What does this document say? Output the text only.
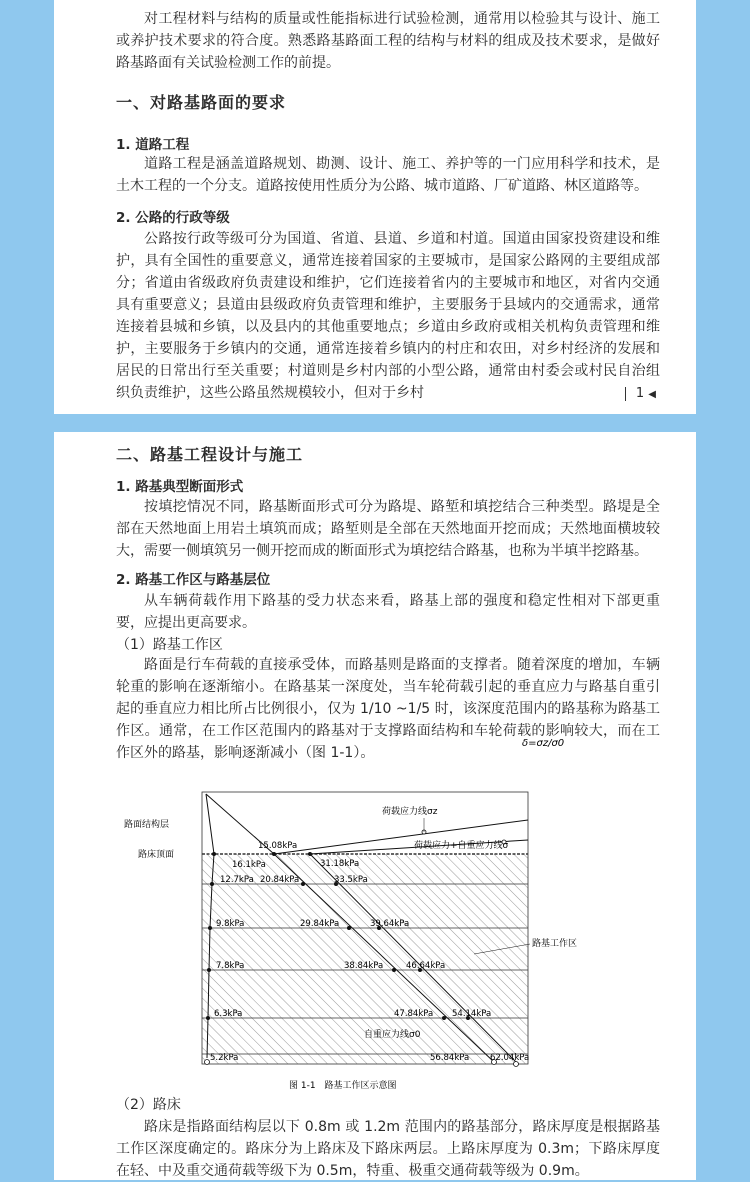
对工程材料与结构的质量或性能指标进行试验检测，通常用以检验其与设计、施工或养护技术要求的符合度。熟悉路基路面工程的结构与材料的组成及技术要求，是做好路基路面有关试验检测工作的前提。
一、对路基路面的要求
1. 道路工程
道路工程是涵盖道路规划、勘测、设计、施工、养护等的一门应用科学和技术，是土木工程的一个分支。道路按使用性质分为公路、城市道路、厂矿道路、林区道路等。
2. 公路的行政等级
公路按行政等级可分为国道、省道、县道、乡道和村道。国道由国家投资建设和维护，具有全国性的重要意义，通常连接着国家的主要城市，是国家公路网的主要组成部分；省道由省级政府负责建设和维护，它们连接着省内的主要城市和地区，对省内交通具有重要意义；县道由县级政府负责管理和维护，主要服务于县域内的交通需求，通常连接着县城和乡镇，以及县内的其他重要地点；乡道由乡政府或相关机构负责管理和维护，主要服务于乡镇内的交通，通常连接着乡镇内的村庄和农田，对乡村经济的发展和居民的日常出行至关重要；村道则是乡村内部的小型公路，通常由村委会或村民自治组织负责维护，这些公路虽然规模较小，但对于乡村	1 ◀
二、路基工程设计与施工
1. 路基典型断面形式
按填挖情况不同，路基断面形式可分为路堤、路堑和填挖结合三种类型。路堤是全部在天然地面上用岩土填筑而成；路堑则是全部在天然地面开挖而成；天然地面横坡较大，需要一侧填筑另一侧开挖而成的断面形式为填挖结合路基，也称为半填半挖路基。
2. 路基工作区与路基层位
从车辆荷载作用下路基的受力状态来看，路基上部的强度和稳定性相对下部更重要，应提出更高要求。
（1）路基工作区
路面是行车荷载的直接承受体，而路基则是路面的支撑者。随着深度的增加，车辆轮重的影响在逐渐缩小。在路基某一深度处，当车轮荷载引起的垂直应力与路基自重引起的垂直应力相比所占比例很小，仅为 1/10 ~1/5 时，该深度范围内的路基称为路基工作区。通常，在工作区范围内的路基对于支撑路面结构和车轮荷载的影响较大，而在工作区外的路基，影响逐渐减小（图 1-1）。
δ=σz/σ0
路面结构层
路床顶面
荷载应力线σz
荷载应力+自重应力线σ
路基工作区
自重应力线σ0
16.1kPa
12.7kPa
9.8kPa
7.8kPa
6.3kPa
5.2kPa
15.08kPa
20.84kPa
29.84kPa
38.84kPa
47.84kPa
56.84kPa
31.18kPa
33.5kPa
39.64kPa
46.64kPa
54.14kPa
62.04kPa
图 1-1　路基工作区示意图
（2）路床
路床是指路面结构层以下 0.8m 或 1.2m 范围内的路基部分，路床厚度是根据路基工作区深度确定的。路床分为上路床及下路床两层。上路床厚度为 0.3m；下路床厚度在轻、中及重交通荷载等级下为 0.5m，特重、极重交通荷载等级为 0.9m。
